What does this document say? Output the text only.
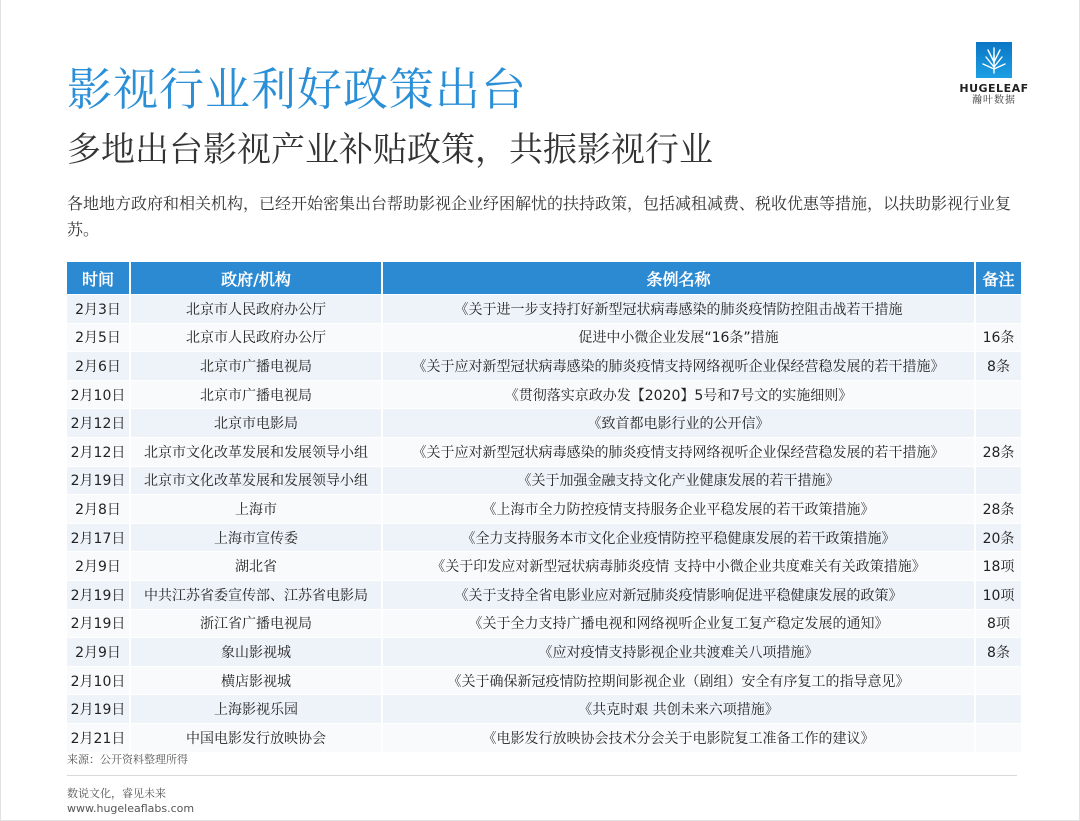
HUGELEAF
瀚叶数据
影视行业利好政策出台
多地出台影视产业补贴政策，共振影视行业
各地地方政府和相关机构，已经开始密集出台帮助影视企业纾困解忧的扶持政策，包括减租减费、税收优惠等措施，以扶助影视行业复苏。
时间	政府/机构	条例名称	备注
2月3日	北京市人民政府办公厅	《关于进一步支持打好新型冠状病毒感染的肺炎疫情防控阻击战若干措施	
2月5日	北京市人民政府办公厅	促进中小微企业发展“16条”措施	16条
2月6日	北京市广播电视局	《关于应对新型冠状病毒感染的肺炎疫情支持网络视听企业保经营稳发展的若干措施》	8条
2月10日	北京市广播电视局	《贯彻落实京政办发【2020】5号和7号文的实施细则》	
2月12日	北京市电影局	《致首都电影行业的公开信》	
2月12日	北京市文化改革发展和发展领导小组	《关于应对新型冠状病毒感染的肺炎疫情支持网络视听企业保经营稳发展的若干措施》	28条
2月19日	北京市文化改革发展和发展领导小组	《关于加强金融支持文化产业健康发展的若干措施》	
2月8日	上海市	《上海市全力防控疫情支持服务企业平稳发展的若干政策措施》	28条
2月17日	上海市宣传委	《全力支持服务本市文化企业疫情防控平稳健康发展的若干政策措施》	20条
2月9日	湖北省	《关于印发应对新型冠状病毒肺炎疫情 支持中小微企业共度难关有关政策措施》	18项
2月19日	中共江苏省委宣传部、江苏省电影局	《关于支持全省电影业应对新冠肺炎疫情影响促进平稳健康发展的政策》	10项
2月19日	浙江省广播电视局	《关于全力支持广播电视和网络视听企业复工复产稳定发展的通知》	8项
2月9日	象山影视城	《应对疫情支持影视企业共渡难关八项措施》	8条
2月10日	横店影视城	《关于确保新冠疫情防控期间影视企业（剧组）安全有序复工的指导意见》	
2月19日	上海影视乐园	《共克时艰 共创未来六项措施》	
2月21日	中国电影发行放映协会	《电影发行放映协会技术分会关于电影院复工准备工作的建议》	
来源：公开资料整理所得
数说文化，睿见未来
www.hugeleaflabs.com
